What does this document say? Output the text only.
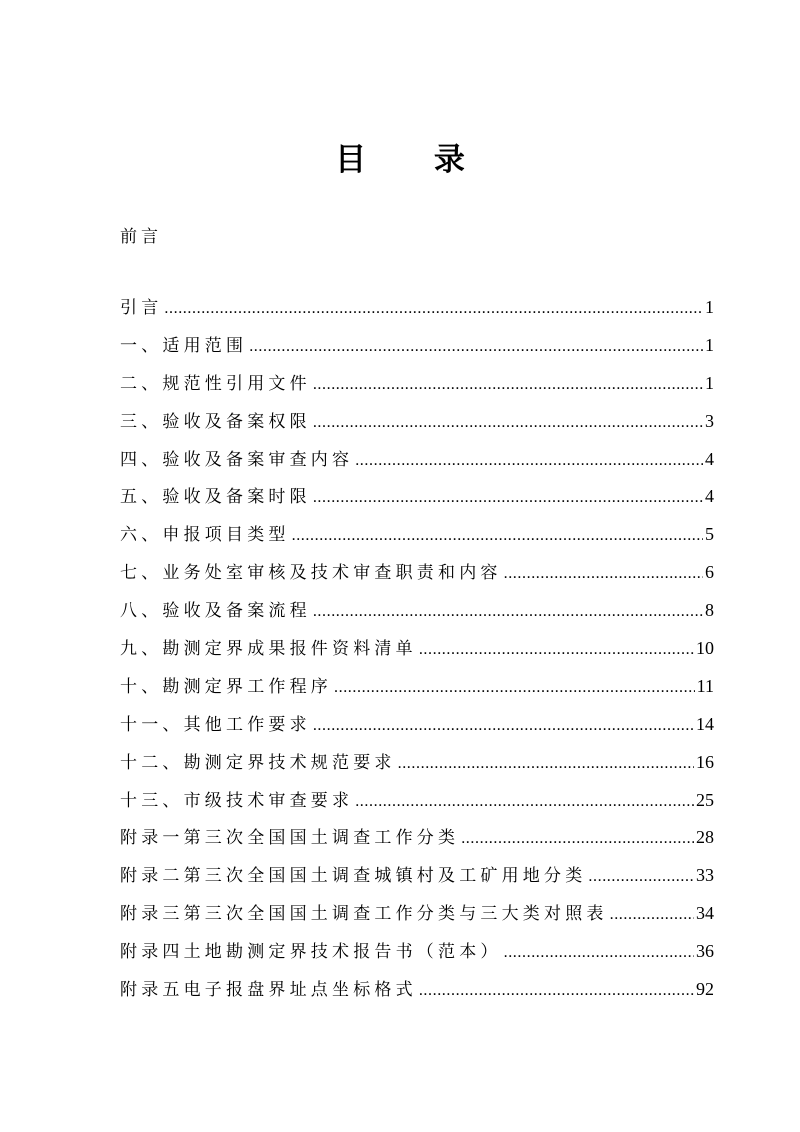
目 录
前言
引言 .....	1
一、适用范围 .....	1
二、规范性引用文件 .....	1
三、验收及备案权限 .....	3
四、验收及备案审查内容 .....	4
五、验收及备案时限 .....	4
六、申报项目类型 .....	5
七、业务处室审核及技术审查职责和内容 .....	6
八、验收及备案流程 .....	8
九、勘测定界成果报件资料清单 .....	10
十、勘测定界工作程序 .....	11
十一、其他工作要求 .....	14
十二、勘测定界技术规范要求 .....	16
十三、市级技术审查要求 .....	25
附录一第三次全国国土调查工作分类 .....	28
附录二第三次全国国土调查城镇村及工矿用地分类 .....	33
附录三第三次全国国土调查工作分类与三大类对照表 .....	34
附录四土地勘测定界技术报告书（范本） .....	36
附录五电子报盘界址点坐标格式 .....	92
